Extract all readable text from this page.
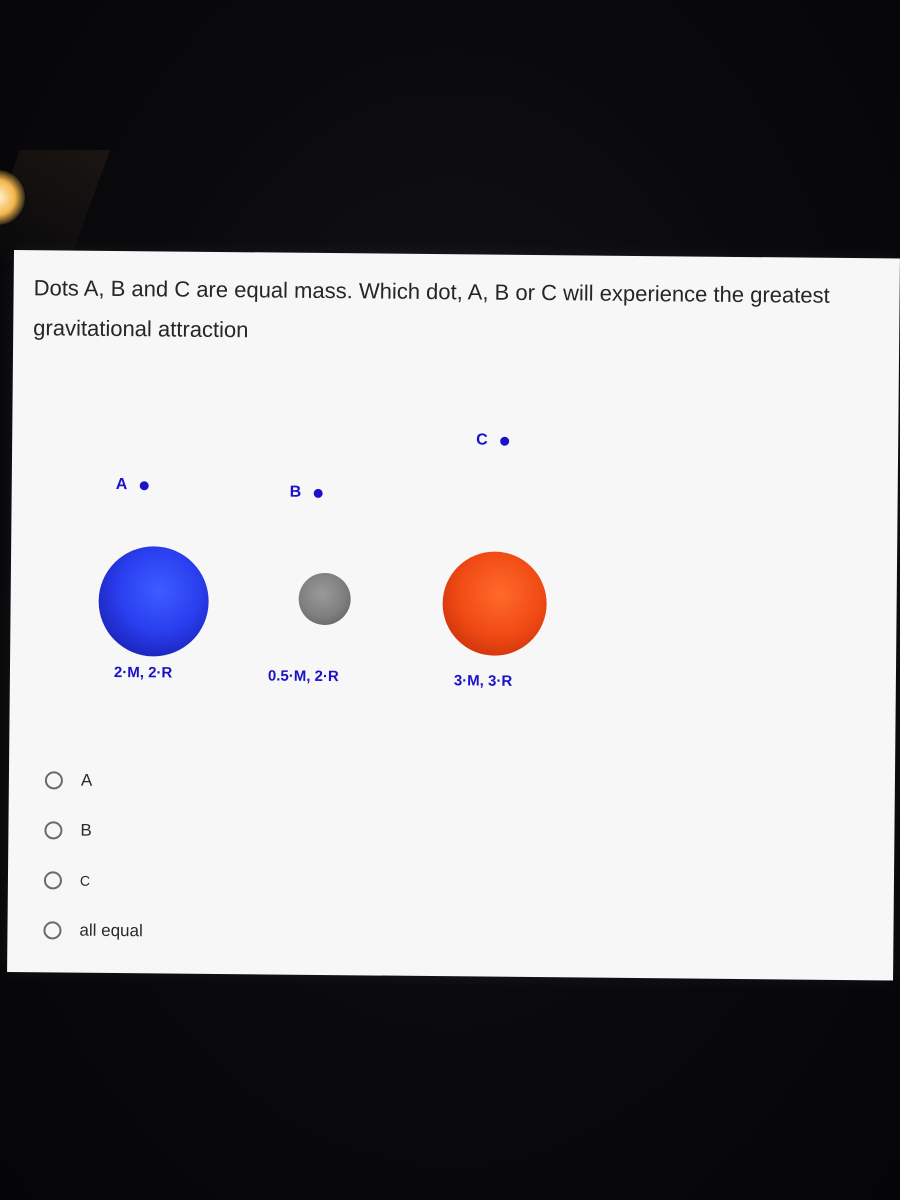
Dots A, B and C are equal mass. Which dot, A, B or C will experience the greatest gravitational attraction

A	B
C
2·M, 2·R	0.5·M, 2·R	3·M, 3·R
A
B
C
all equal
